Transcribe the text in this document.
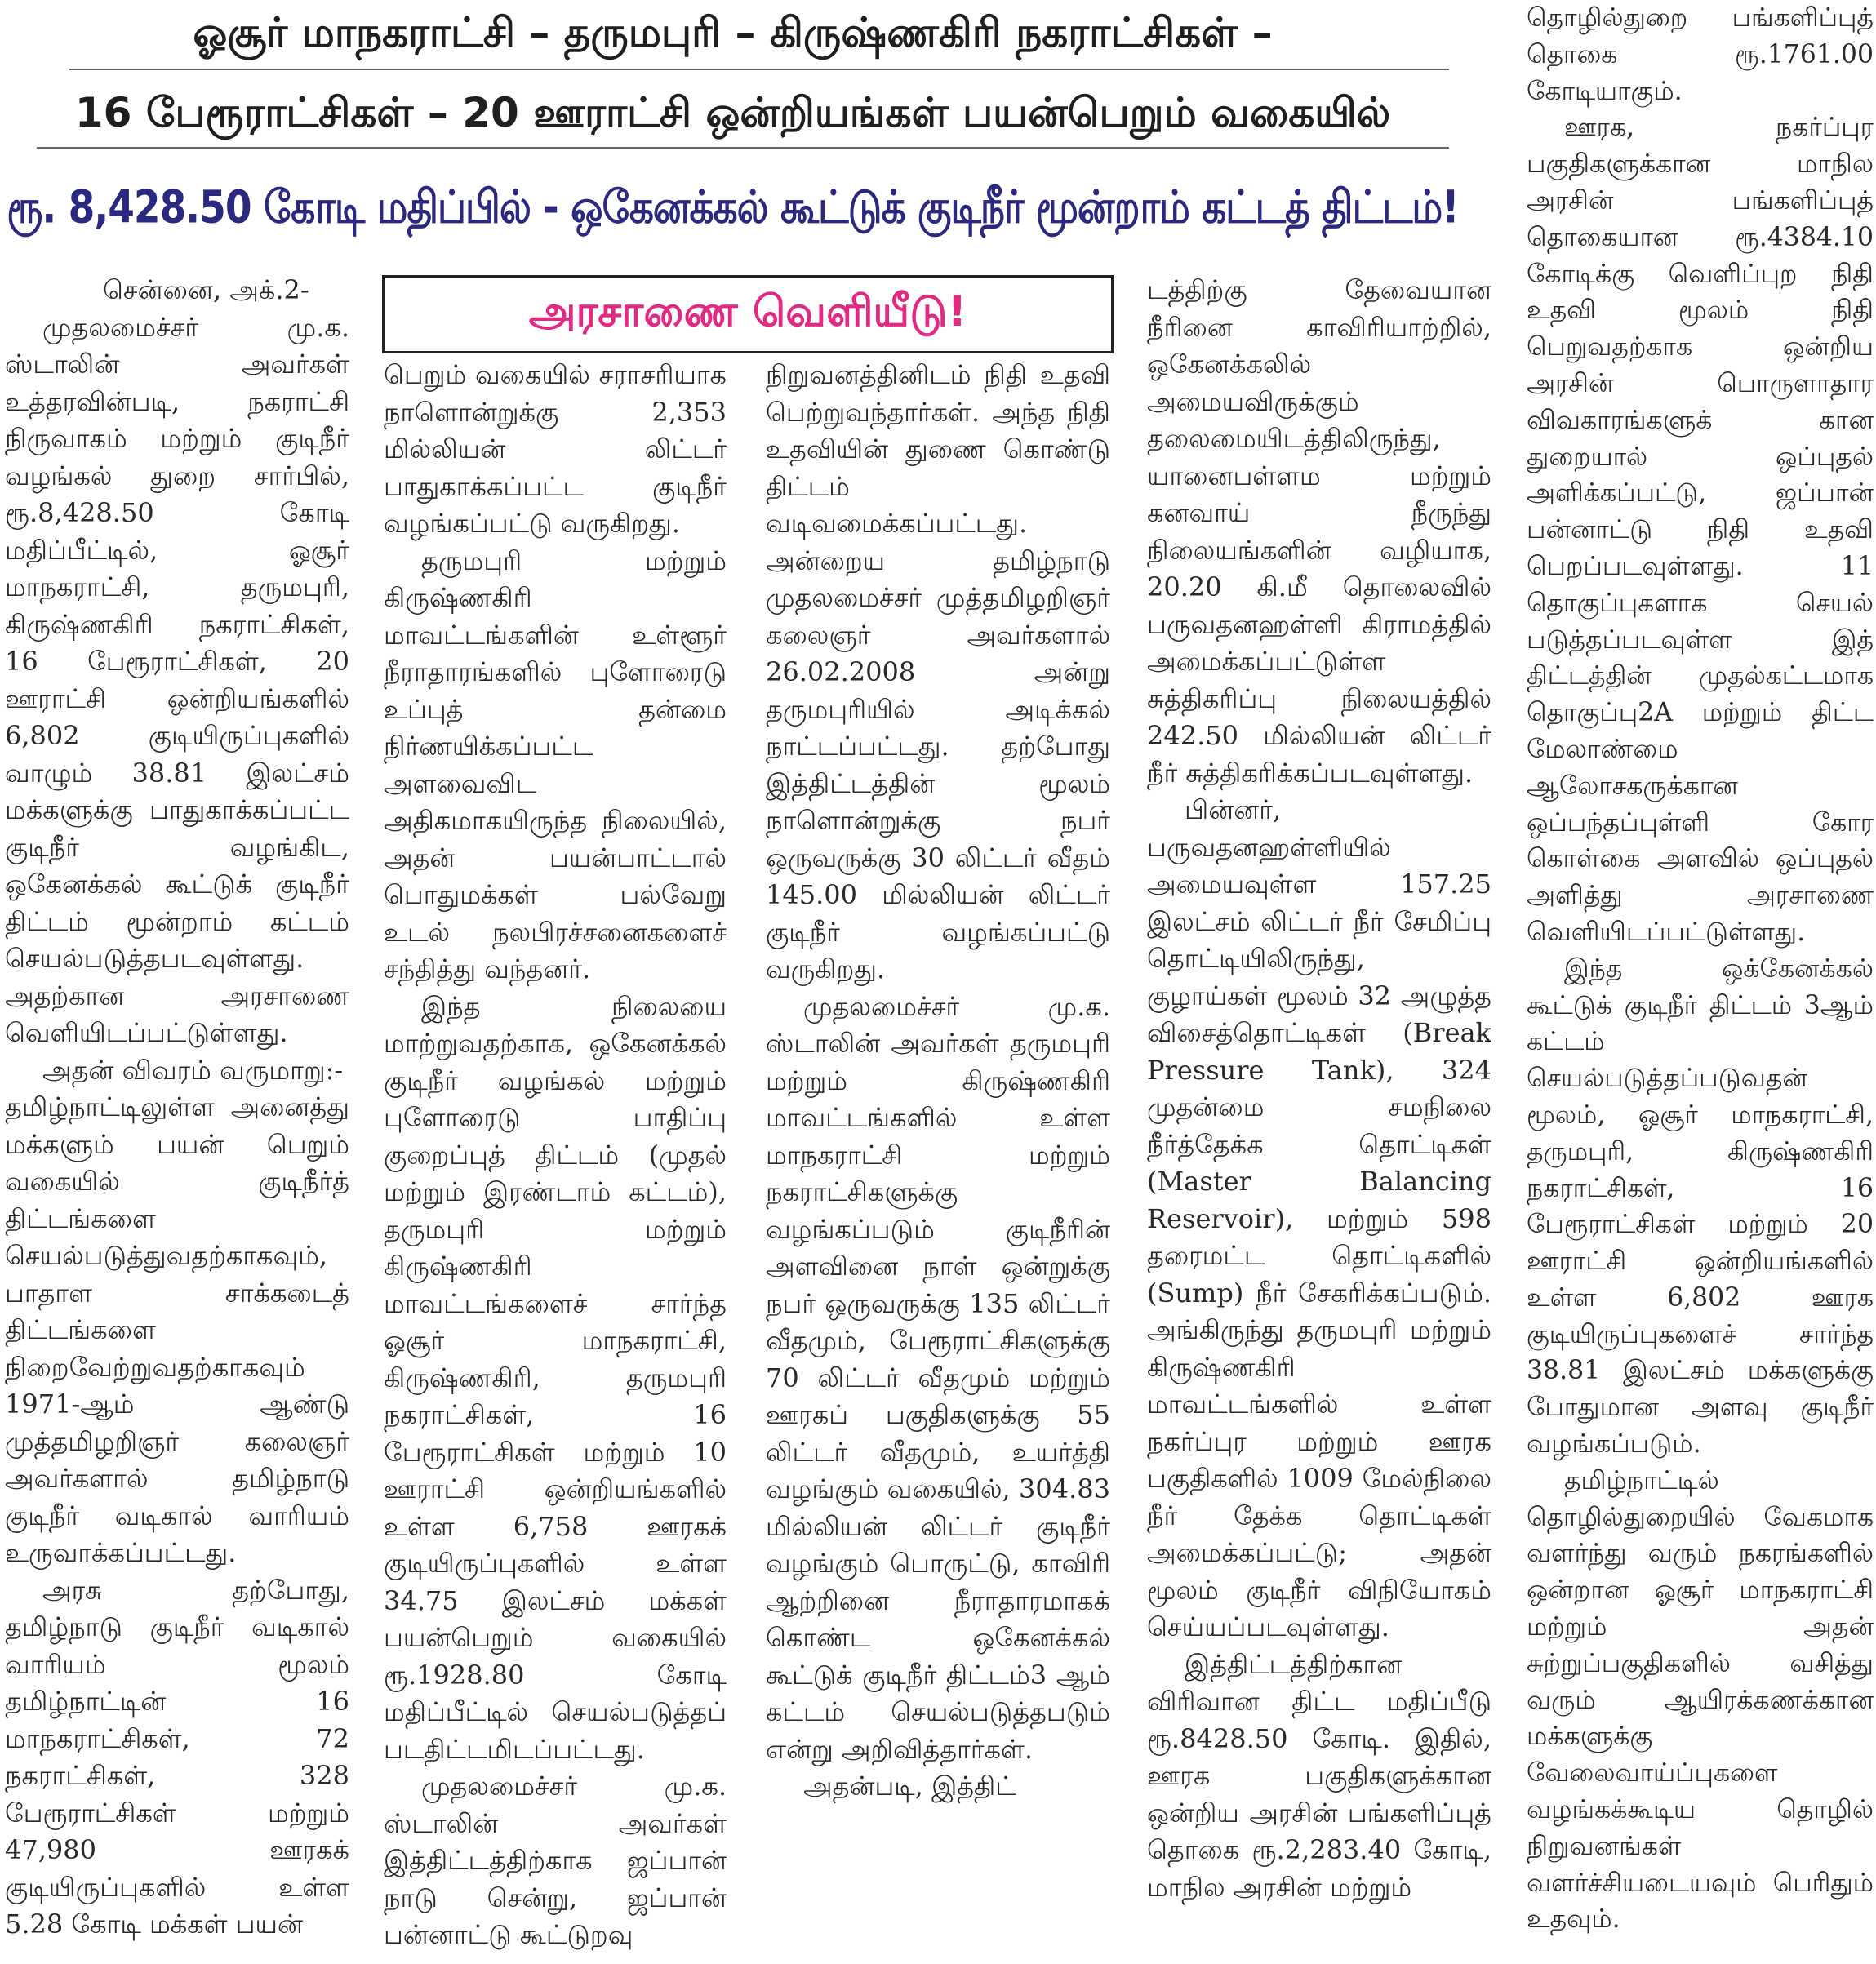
ஓசூர் மாநகராட்சி – தருமபுரி – கிருஷ்ணகிரி நகராட்சிகள் –
16 பேரூராட்சிகள் – 20 ஊராட்சி ஒன்றியங்கள் பயன்பெறும் வகையில்
ரூ. 8,428.50 கோடி மதிப்பில் - ஒகேனக்கல் கூட்டுக் குடிநீர் மூன்றாம் கட்டத் திட்டம்!
அரசாணை வெளியீடு!

சென்னை, அக்.2-

முதலமைச்சர் மு.க. ஸ்டாலின் அவர்கள் உத்தரவின்படி, நகராட்சி நிருவாகம் மற்றும் குடிநீர் வழங்கல் துறை சார்பில், ரூ.8,428.50 கோடி மதிப்பீட்டில், ஓசூர் மாநகராட்சி, தருமபுரி, கிருஷ்ணகிரி நகராட்சிகள், 16 பேரூராட்சிகள், 20 ஊராட்சி ஒன்றியங்களில் 6,802 குடியிருப்புகளில் வாழும் 38.81 இலட்சம் மக்களுக்கு பாதுகாக்கப்பட்ட குடிநீர் வழங்கிட, ஒகேனக்கல் கூட்டுக் குடிநீர் திட்டம் மூன்றாம் கட்டம் செயல்படுத்தபடவுள்ளது. அதற்கான அரசாணை வெளியிடப்பட்டுள்ளது.

அதன் விவரம் வருமாறு:-

தமிழ்நாட்டிலுள்ள அனைத்து மக்களும் பயன் பெறும் வகையில் குடிநீர்த் திட்டங்களை செயல்படுத்துவதற்காகவும், பாதாள சாக்கடைத் திட்டங்களை நிறைவேற்றுவதற்காகவும் 1971-ஆம் ஆண்டு முத்தமிழறிஞர் கலைஞர் அவர்களால் தமிழ்நாடு குடிநீர் வடிகால் வாரியம் உருவாக்கப்பட்டது.

அரசு தற்போது, தமிழ்நாடு குடிநீர் வடிகால் வாரியம் மூலம் தமிழ்நாட்டின் 16 மாநகராட்சிகள், 72 நகராட்சிகள், 328 பேரூராட்சிகள் மற்றும் 47,980 ஊரகக் குடியிருப்புகளில் உள்ள 5.28 கோடி மக்கள் பயன்

பெறும் வகையில் சராசரியாக நாளொன்றுக்கு 2,353 மில்லியன் லிட்டர் பாதுகாக்கப்பட்ட குடிநீர் வழங்கப்பட்டு வருகிறது.

தருமபுரி மற்றும் கிருஷ்ணகிரி மாவட்டங்களின் உள்ளூர் நீராதாரங்களில் புளோரைடு உப்புத் தன்மை நிர்ணயிக்கப்பட்ட அளவைவிட அதிகமாகயிருந்த நிலையில், அதன் பயன்பாட்டால் பொதுமக்கள் பல்வேறு உடல் நலபிரச்சனைகளைச் சந்தித்து வந்தனர்.

இந்த நிலையை மாற்றுவதற்காக, ஒகேனக்கல் குடிநீர் வழங்கல் மற்றும் புளோரைடு பாதிப்பு குறைப்புத் திட்டம் (முதல் மற்றும் இரண்டாம் கட்டம்), தருமபுரி மற்றும் கிருஷ்ணகிரி மாவட்டங்களைச் சார்ந்த ஓசூர் மாநகராட்சி, கிருஷ்ணகிரி, தருமபுரி நகராட்சிகள், 16 பேரூராட்சிகள் மற்றும் 10 ஊராட்சி ஒன்றியங்களில் உள்ள 6,758 ஊரகக் குடியிருப்புகளில் உள்ள 34.75 இலட்சம் மக்கள் பயன்பெறும் வகையில் ரூ.1928.80 கோடி மதிப்பீட்டில் செயல்படுத்தப் படதிட்டமிடப்பட்டது.

முதலமைச்சர் மு.க. ஸ்டாலின் அவர்கள் இத்திட்டத்திற்காக ஜப்பான் நாடு சென்று, ஜப்பான் பன்னாட்டு கூட்டுறவு

நிறுவனத்தினிடம் நிதி உதவி பெற்றுவந்தார்கள். அந்த நிதி உதவியின் துணை கொண்டு திட்டம் வடிவமைக்கப்பட்டது. அன்றைய தமிழ்நாடு முதலமைச்சர் முத்தமிழறிஞர் கலைஞர் அவர்களால் 26.02.2008 அன்று தருமபுரியில் அடிக்கல் நாட்டப்பட்டது. தற்போது இத்திட்டத்தின் மூலம் நாளொன்றுக்கு நபர் ஒருவருக்கு 30 லிட்டர் வீதம் 145.00 மில்லியன் லிட்டர் குடிநீர் வழங்கப்பட்டு வருகிறது.

முதலமைச்சர் மு.க. ஸ்டாலின் அவர்கள் தருமபுரி மற்றும் கிருஷ்ணகிரி மாவட்டங்களில் உள்ள மாநகராட்சி மற்றும் நகராட்சிகளுக்கு வழங்கப்படும் குடிநீரின் அளவினை நாள் ஒன்றுக்கு நபர் ஒருவருக்கு 135 லிட்டர் வீதமும், பேரூராட்சிகளுக்கு 70 லிட்டர் வீதமும் மற்றும் ஊரகப் பகுதிகளுக்கு 55 லிட்டர் வீதமும், உயர்த்தி வழங்கும் வகையில், 304.83 மில்லியன் லிட்டர் குடிநீர் வழங்கும் பொருட்டு, காவிரி ஆற்றினை நீராதாரமாகக் கொண்ட ஒகேனக்கல் கூட்டுக் குடிநீர் திட்டம்3 ஆம் கட்டம் செயல்படுத்தபடும் என்று அறிவித்தார்கள்.

அதன்படி, இத்திட்

டத்திற்கு தேவையான நீரினை காவிரியாற்றில், ஒகேனக்கலில் அமையவிருக்கும் தலைமையிடத்திலிருந்து, யானைபள்ளம மற்றும் கனவாய் நீருந்து நிலையங்களின் வழியாக, 20.20 கி.மீ தொலைவில் பருவதனஹள்ளி கிராமத்தில் அமைக்கப்பட்டுள்ள சுத்திகரிப்பு நிலையத்தில் 242.50 மில்லியன் லிட்டர் நீர் சுத்திகரிக்கப்படவுள்ளது.

பின்னர், பருவதனஹள்ளியில் அமையவுள்ள 157.25 இலட்சம் லிட்டர் நீர் சேமிப்பு தொட்டியிலிருந்து, குழாய்கள் மூலம் 32 அழுத்த விசைத்தொட்டிகள் (Break Pressure Tank), 324 முதன்மை சமநிலை நீர்த்தேக்க தொட்டிகள் (Master Balancing Reservoir), மற்றும் 598 தரைமட்ட தொட்டிகளில் (Sump) நீர் சேகரிக்கப்படும். அங்கிருந்து தருமபுரி மற்றும் கிருஷ்ணகிரி மாவட்டங்களில் உள்ள நகர்ப்புர மற்றும் ஊரக பகுதிகளில் 1009 மேல்நிலை நீர் தேக்க தொட்டிகள் அமைக்கப்பட்டு; அதன் மூலம் குடிநீர் விநியோகம் செய்யப்படவுள்ளது.

இத்திட்டத்திற்கான விரிவான திட்ட மதிப்பீடு ரூ.8428.50 கோடி. இதில், ஊரக பகுதிகளுக்கான ஒன்றிய அரசின் பங்களிப்புத் தொகை ரூ.2,283.40 கோடி, மாநில அரசின் மற்றும்

தொழில்துறை பங்களிப்புத் தொகை ரூ.1761.00 கோடியாகும்.

ஊரக, நகர்ப்புர பகுதிகளுக்கான மாநில அரசின் பங்களிப்புத் தொகையான ரூ.4384.10 கோடிக்கு வெளிப்புற நிதி உதவி மூலம் நிதி பெறுவதற்காக ஒன்றிய அரசின் பொருளாதார விவகாரங்களுக் கான துறையால் ஒப்புதல் அளிக்கப்பட்டு, ஜப்பான் பன்னாட்டு நிதி உதவி பெறப்படவுள்ளது. 11 தொகுப்புகளாக செயல் படுத்தப்படவுள்ள இத் திட்டத்தின் முதல்கட்டமாக தொகுப்பு2A மற்றும் திட்ட மேலாண்மை ஆலோசகருக்கான ஒப்பந்தப்புள்ளி கோர கொள்கை அளவில் ஒப்புதல் அளித்து அரசாணை வெளியிடப்பட்டுள்ளது.

இந்த ஒக்கேனக்கல் கூட்டுக் குடிநீர் திட்டம் 3ஆம் கட்டம் செயல்படுத்தப்படுவதன் மூலம், ஓசூர் மாநகராட்சி, தருமபுரி, கிருஷ்ணகிரி நகராட்சிகள், 16 பேரூராட்சிகள் மற்றும் 20 ஊராட்சி ஒன்றியங்களில் உள்ள 6,802 ஊரக குடியிருப்புகளைச் சார்ந்த 38.81 இலட்சம் மக்களுக்கு போதுமான அளவு குடிநீர் வழங்கப்படும்.

தமிழ்நாட்டில் தொழில்துறையில் வேகமாக வளர்ந்து வரும் நகரங்களில் ஒன்றான ஓசூர் மாநகராட்சி மற்றும் அதன் சுற்றுப்பகுதிகளில் வசித்து வரும் ஆயிரக்கணக்கான மக்களுக்கு வேலைவாய்ப்புகளை வழங்கக்கூடிய தொழில் நிறுவனங்கள் வளர்ச்சியடையவும் பெரிதும் உதவும்.
